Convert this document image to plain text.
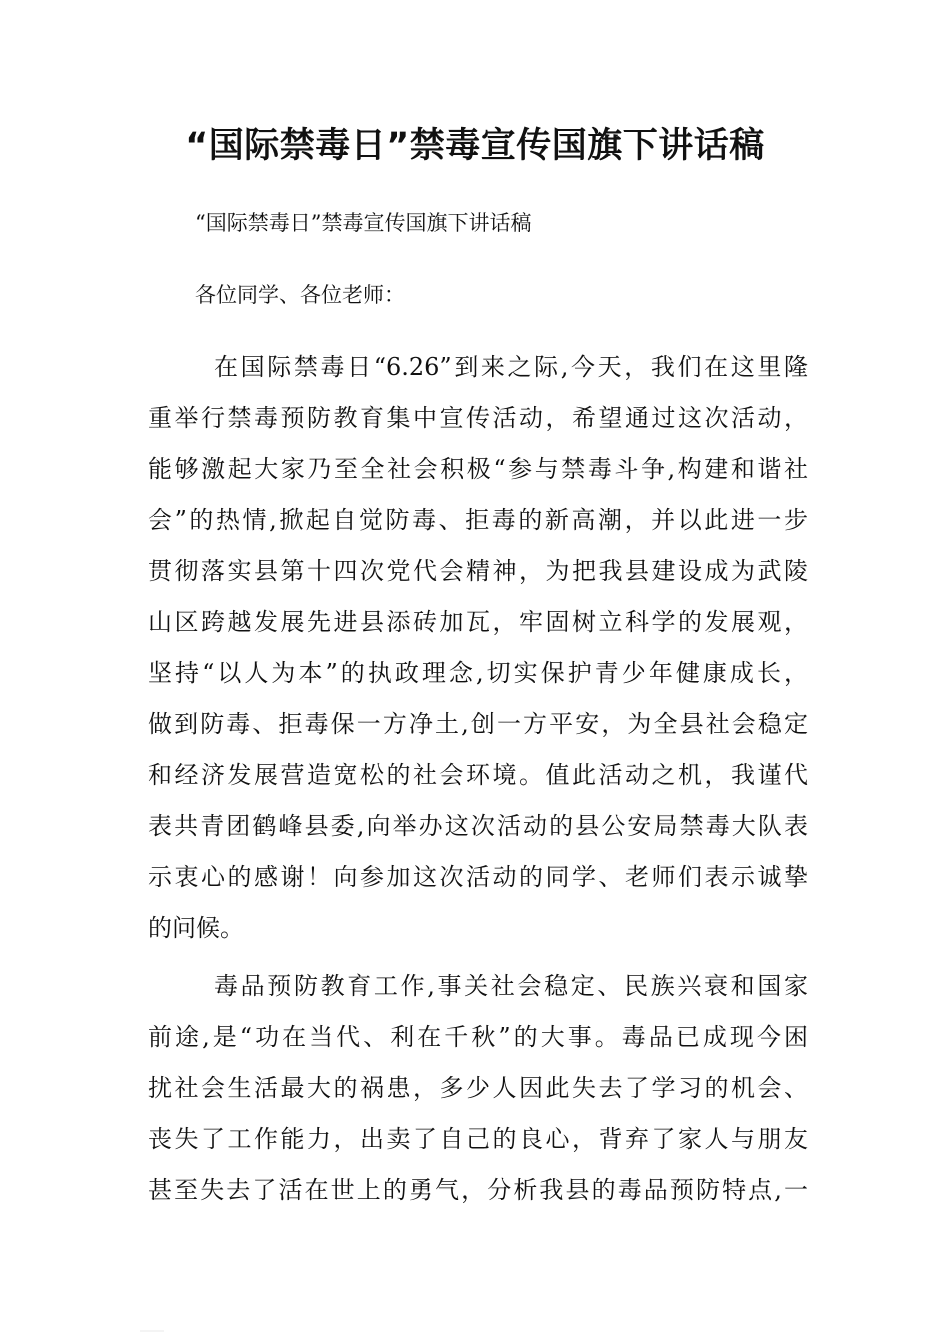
“国际禁毒日”禁毒宣传国旗下讲话稿
“国际禁毒日”禁毒宣传国旗下讲话稿
各位同学、各位老师：
在国际禁毒日“6.26”到来之际,今天，我们在这里隆
重举行禁毒预防教育集中宣传活动，希望通过这次活动，
能够激起大家乃至全社会积极“参与禁毒斗争,构建和谐社
会”的热情,掀起自觉防毒、拒毒的新高潮，并以此进一步
贯彻落实县第十四次党代会精神，为把我县建设成为武陵
山区跨越发展先进县添砖加瓦，牢固树立科学的发展观，
坚持“以人为本”的执政理念,切实保护青少年健康成长，
做到防毒、拒毒保一方净土,创一方平安，为全县社会稳定
和经济发展营造宽松的社会环境。值此活动之机，我谨代
表共青团鹤峰县委,向举办这次活动的县公安局禁毒大队表
示衷心的感谢！向参加这次活动的同学、老师们表示诚挚
的问候。
毒品预防教育工作,事关社会稳定、民族兴衰和国家
前途,是“功在当代、利在千秋”的大事。毒品已成现今困
扰社会生活最大的祸患，多少人因此失去了学习的机会、
丧失了工作能力，出卖了自己的良心，背弃了家人与朋友
甚至失去了活在世上的勇气，分析我县的毒品预防特点,一
